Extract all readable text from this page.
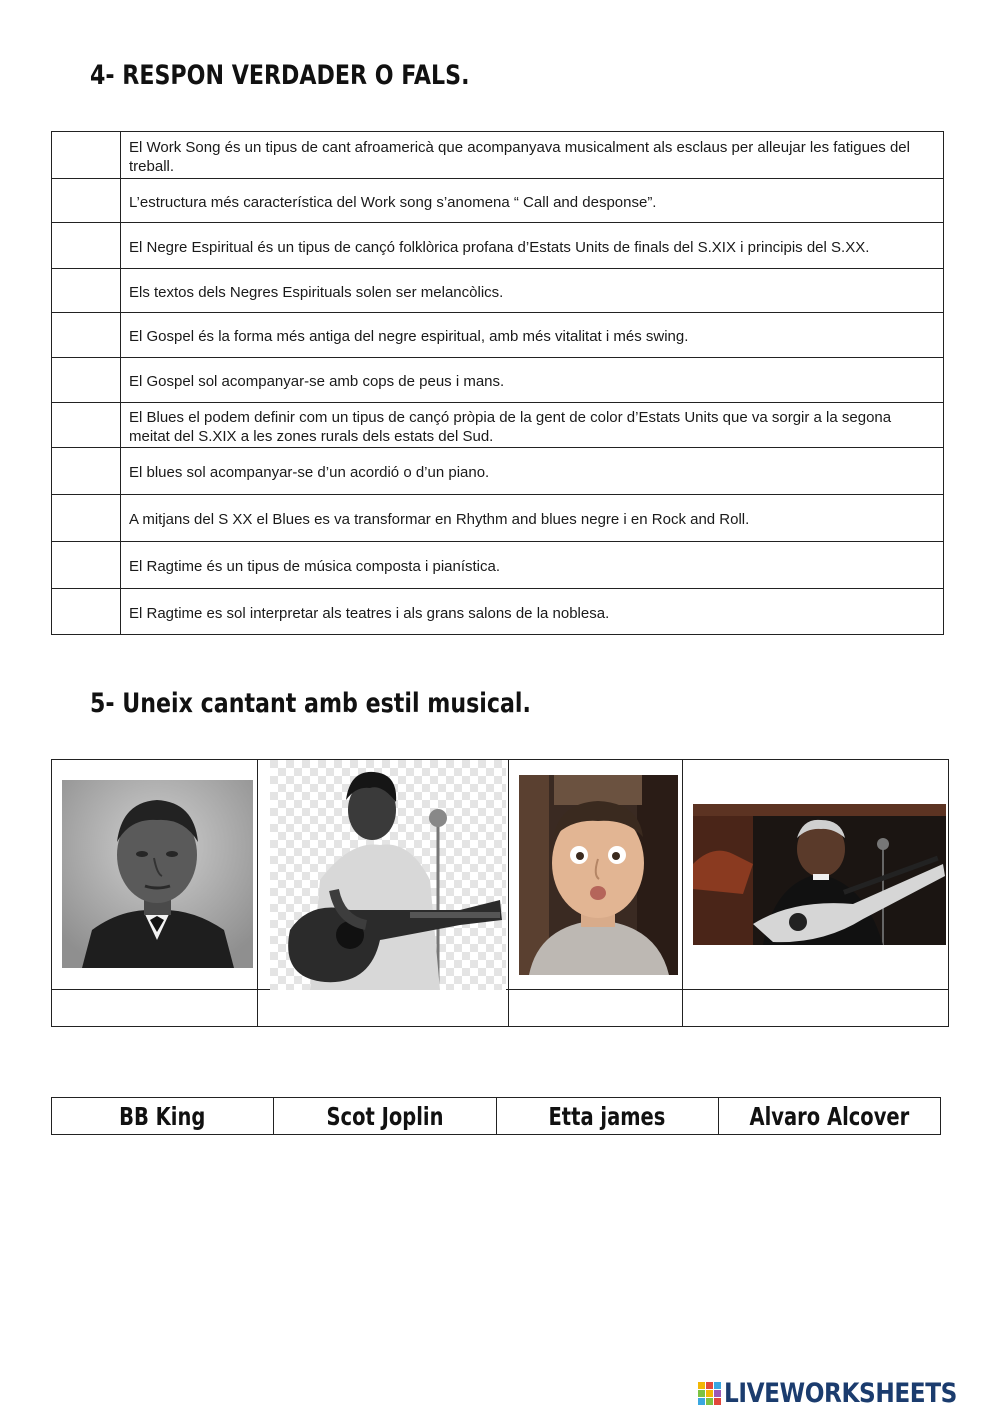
4- RESPON VERDADER O FALS.
	El Work Song és un tipus de cant afroamericà que acompanyava musicalment als esclaus per alleujar les fatigues del treball.
	L’estructura més característica del Work song s’anomena “ Call and desponse”.
	El Negre Espiritual és un tipus de cançó folklòrica profana d’Estats Units de finals del S.XIX i principis del S.XX.
	Els textos dels Negres Espirituals solen ser melancòlics.
	El Gospel és la forma més antiga del negre espiritual, amb més vitalitat i més swing.
	El Gospel sol acompanyar-se amb cops de peus i mans.
	El Blues el podem definir com un tipus de cançó pròpia de la gent de color d’Estats Units que va sorgir a la segona meitat del S.XIX a les zones rurals dels estats del Sud.
	El blues sol acompanyar-se d’un acordió o d’un piano.
	A mitjans del S XX el Blues es va transformar en Rhythm and blues negre i en Rock and Roll.
	El Ragtime és un tipus de música composta i pianística.
	El Ragtime es sol interpretar als teatres i als grans salons de la noblesa.
5- Uneix cantant amb estil musical.

BB King	Scot Joplin	Etta james	Alvaro Alcover
LIVEWORKSHEETS
